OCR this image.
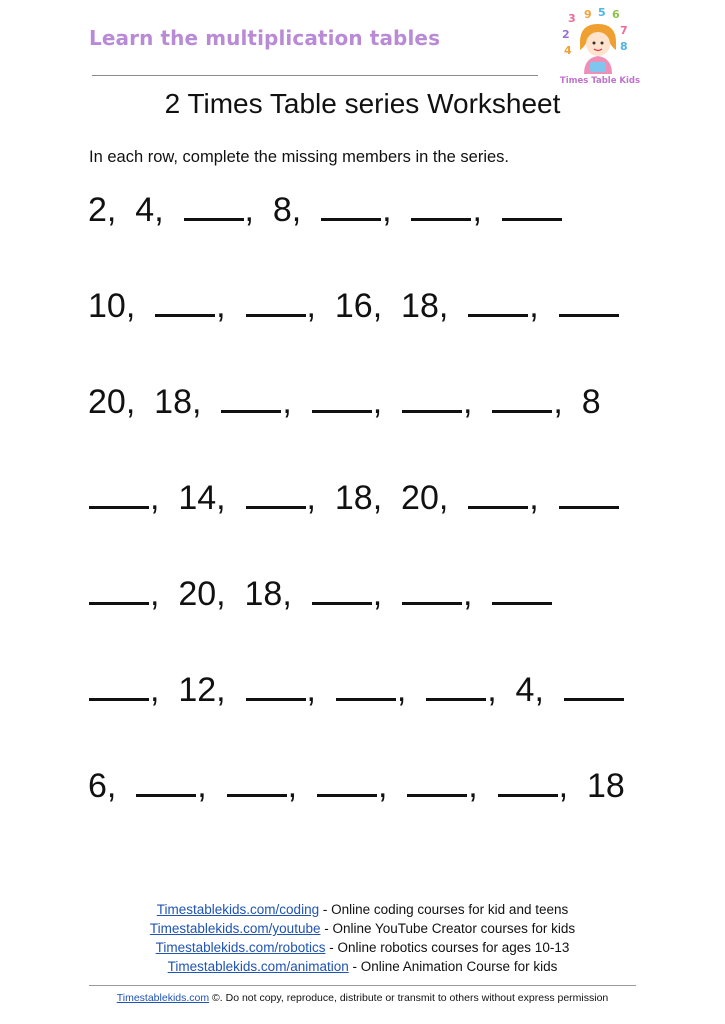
Learn the multiplication tables
3 9 5 6
2	7
8
4
Times Table Kids
2 Times Table series Worksheet
In each row, complete the missing members in the series.
2,  4,  ,  8,  ,  ,
10,  ,  ,  16,  18,  ,
20,  18,  ,  ,  ,  ,  8
,  14,  ,  18,  20,  ,
,  20,  18,  ,  ,
,  12,  ,  ,  ,  4,
6,  ,  ,  ,  ,  ,  18
Timestablekids.com/coding - Online coding courses for kid and teens
Timestablekids.com/youtube - Online YouTube Creator courses for kids
Timestablekids.com/robotics - Online robotics courses for ages 10-13
Timestablekids.com/animation - Online Animation Course for kids
Timestablekids.com ©. Do not copy, reproduce, distribute or transmit to others without express permission
